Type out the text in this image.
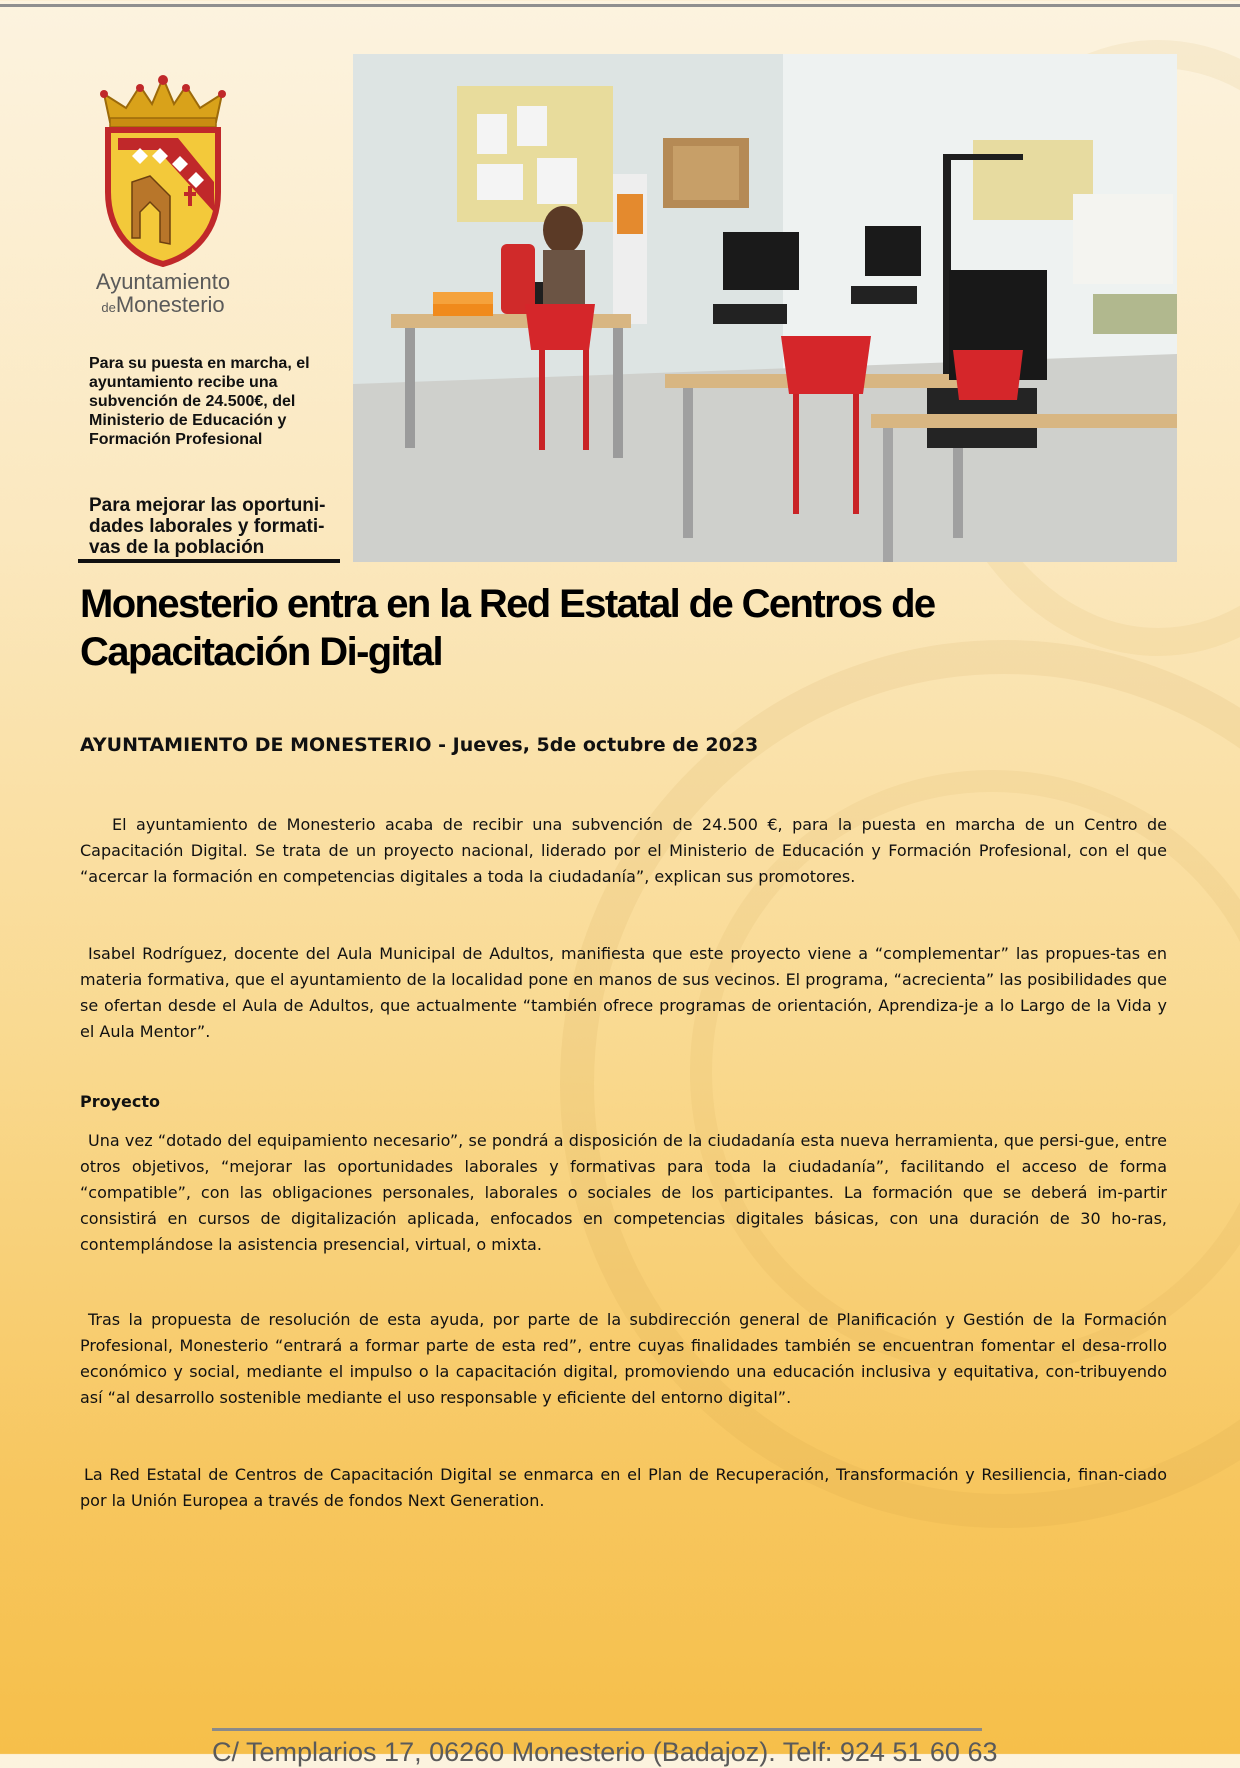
Ayuntamiento
deMonesterio

Para su puesta en marcha, el ayuntamiento recibe una subvención de 24.500€, del Ministerio de Educación y Formación Profesional

Para mejorar las oportuni-dades laborales y formati-vas de la población

Monesterio entra en la Red Estatal de Centros de Capacitación Di-gital
AYUNTAMIENTO DE MONESTERIO - Jueves, 5de octubre de 2023

El ayuntamiento de Monesterio acaba de recibir una subvención de 24.500 €, para la puesta en marcha de un Centro de Capacitación Digital. Se trata de un proyecto nacional, liderado por el Ministerio de Educación y Formación Profesional, con el que “acercar la formación en competencias digitales a toda la ciudadanía”, explican sus promotores.

Isabel Rodríguez, docente del Aula Municipal de Adultos, manifiesta que este proyecto viene a “complementar” las propues-tas en materia formativa, que el ayuntamiento de la localidad pone en manos de sus vecinos. El programa, “acrecienta” las posibilidades que se ofertan desde el Aula de Adultos, que actualmente “también ofrece programas de orientación, Aprendiza-je a lo Largo de la Vida y el Aula Mentor”.

Proyecto

Una vez “dotado del equipamiento necesario”, se pondrá a disposición de la ciudadanía esta nueva herramienta, que persi-gue, entre otros objetivos, “mejorar las oportunidades laborales y formativas para toda la ciudadanía”, facilitando el acceso de forma “compatible”, con las obligaciones personales, laborales o sociales de los participantes. La formación que se deberá im-partir consistirá en cursos de digitalización aplicada, enfocados en competencias digitales básicas, con una duración de 30 ho-ras, contemplándose la asistencia presencial, virtual, o mixta.

Tras la propuesta de resolución de esta ayuda, por parte de la subdirección general de Planificación y Gestión de la Formación Profesional, Monesterio “entrará a formar parte de esta red”, entre cuyas finalidades también se encuentran fomentar el desa-rrollo económico y social, mediante el impulso o la capacitación digital, promoviendo una educación inclusiva y equitativa, con-tribuyendo así “al desarrollo sostenible mediante el uso responsable y eficiente del entorno digital”.

La Red Estatal de Centros de Capacitación Digital se enmarca en el Plan de Recuperación, Transformación y Resiliencia, finan-ciado por la Unión Europea a través de fondos Next Generation.

C/ Templarios 17, 06260 Monesterio (Badajoz). Telf: 924 51 60 63
